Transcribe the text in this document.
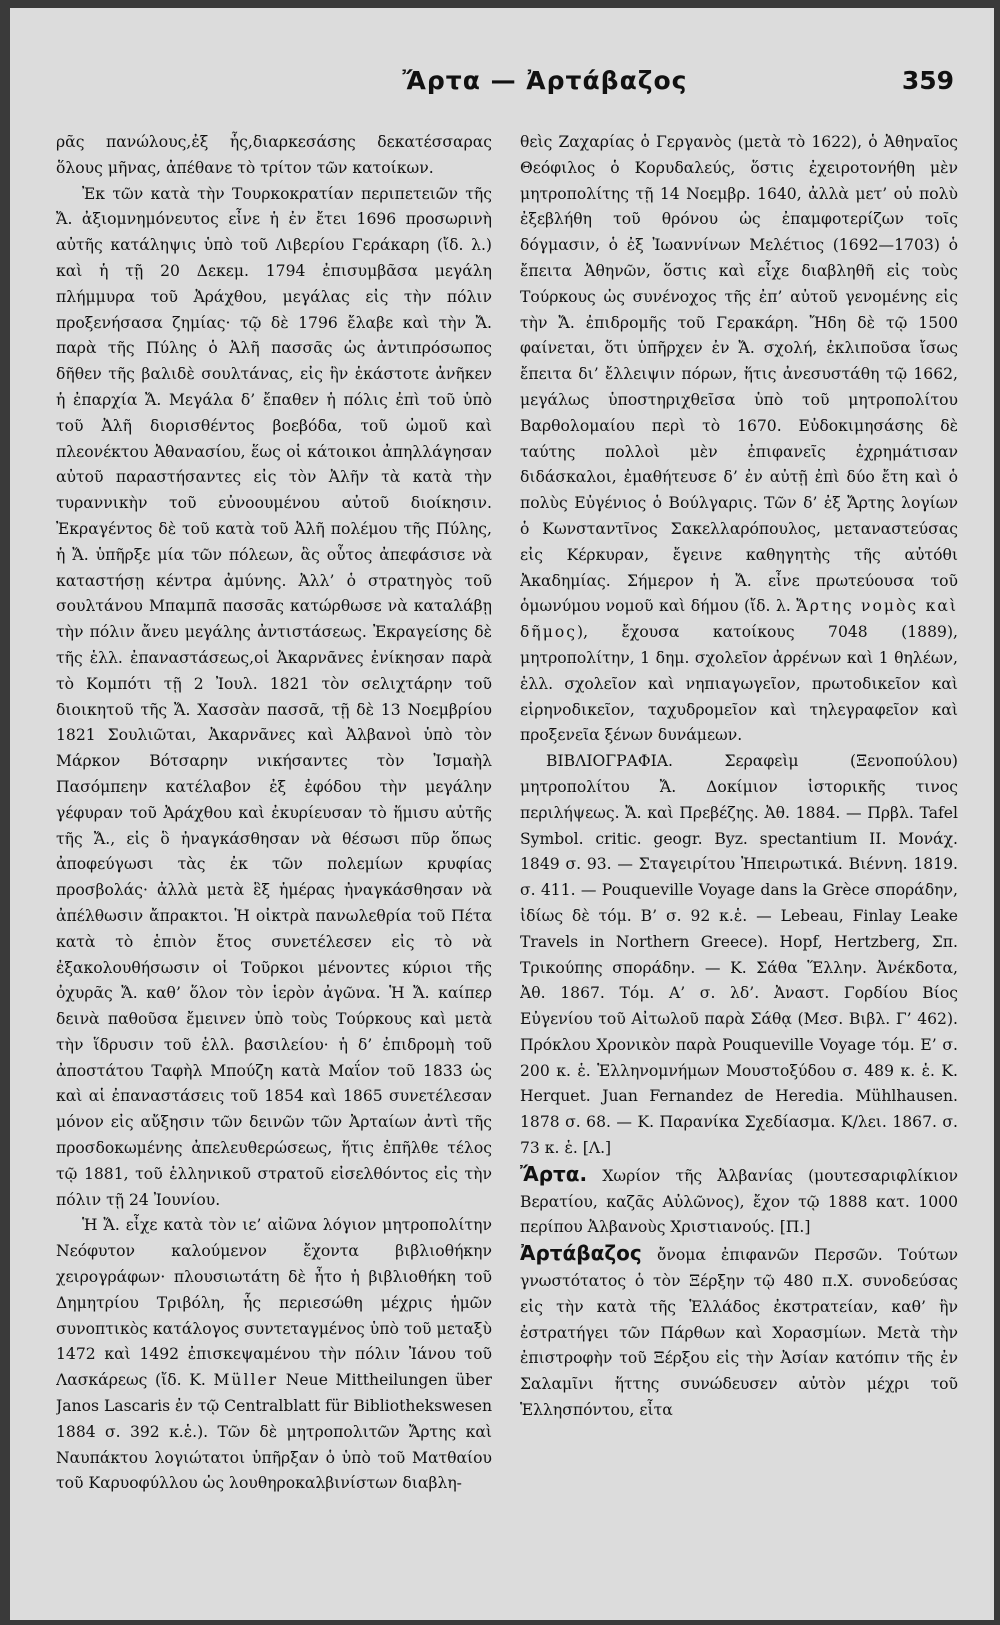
Ἄρτα — Ἀρτάβαζος	359

ρᾶς πανώλους,ἐξ ἧς,διαρκεσάσης δεκατέσσαρας ὅλους μῆνας, ἀπέθανε τὸ τρίτον τῶν κατοίκων.

Ἐκ τῶν κατὰ τὴν Τουρκοκρατίαν περιπετειῶν τῆς Ἄ. ἀξιομνημόνευτος εἶνε ἡ ἐν ἔτει 1696 προσωρινὴ αὐτῆς κατάληψις ὑπὸ τοῦ Λιβερίου Γεράκαρη (ἴδ. λ.) καὶ ἡ τῇ 20 Δεκεμ. 1794 ἐπισυμβᾶσα μεγάλη πλήμμυρα τοῦ Ἀράχθου, μεγάλας εἰς τὴν πόλιν προξενήσασα ζημίας· τῷ δὲ 1796 ἔλαβε καὶ τὴν Ἄ. παρὰ τῆς Πύλης ὁ Ἀλῆ πασσᾶς ὡς ἀντιπρόσωπος δῆθεν τῆς βαλιδὲ σουλτάνας, εἰς ἣν ἑκάστοτε ἀνῆκεν ἡ ἐπαρχία Ἄ. Μεγάλα δ’ ἔπαθεν ἡ πόλις ἐπὶ τοῦ ὑπὸ τοῦ Ἀλῆ διορισθέντος βοεβόδα, τοῦ ὠμοῦ καὶ πλεονέκτου Ἀθανασίου, ἕως οἱ κάτοικοι ἀπηλλάγησαν αὐτοῦ παραστήσαντες εἰς τὸν Ἀλῆν τὰ κατὰ τὴν τυραννικὴν τοῦ εὐνοουμένου αὐτοῦ διοίκησιν. Ἐκραγέντος δὲ τοῦ κατὰ τοῦ Ἀλῆ πολέμου τῆς Πύλης, ἡ Ἄ. ὑπῆρξε μία τῶν πόλεων, ἃς οὗτος ἀπεφάσισε νὰ καταστήσῃ κέντρα ἀμύνης. Ἀλλ’ ὁ στρατηγὸς τοῦ σουλτάνου Μπαμπᾶ πασσᾶς κατώρθωσε νὰ καταλάβῃ τὴν πόλιν ἄνευ μεγάλης ἀντιστάσεως. Ἐκραγείσης δὲ τῆς ἑλλ. ἐπαναστάσεως,οἱ Ἀκαρνᾶνες ἐνίκησαν παρὰ τὸ Κομπότι τῇ 2 Ἰουλ. 1821 τὸν σελιχτάρην τοῦ διοικητοῦ τῆς Ἄ. Χασσὰν πασσᾶ, τῇ δὲ 13 Νοεμβρίου 1821 Σουλιῶται, Ἀκαρνᾶνες καὶ Ἀλβανοὶ ὑπὸ τὸν Μάρκον Βότσαρην νικήσαντες τὸν Ἰσμαὴλ Πασόμπεην κατέλαβον ἐξ ἐφόδου τὴν μεγάλην γέφυραν τοῦ Ἀράχθου καὶ ἐκυρίευσαν τὸ ἥμισυ αὐτῆς τῆς Ἄ., εἰς ὃ ἠναγκάσθησαν νὰ θέσωσι πῦρ ὅπως ἀποφεύγωσι τὰς ἐκ τῶν πολεμίων κρυφίας προσβολάς· ἀλλὰ μετὰ ἓξ ἡμέρας ἠναγκάσθησαν νὰ ἀπέλθωσιν ἄπρακτοι. Ἡ οἰκτρὰ πανωλεθρία τοῦ Πέτα κατὰ τὸ ἑπιὸν ἔτος συνετέλεσεν εἰς τὸ νὰ ἐξακολουθήσωσιν οἱ Τοῦρκοι μένοντες κύριοι τῆς ὀχυρᾶς Ἄ. καθ’ ὅλον τὸν ἱερὸν ἀγῶνα. Ἡ Ἄ. καίπερ δεινὰ παθοῦσα ἔμεινεν ὑπὸ τοὺς Τούρκους καὶ μετὰ τὴν ἵδρυσιν τοῦ ἑλλ. βασιλείου· ἡ δ’ ἐπιδρομὴ τοῦ ἀποστάτου Ταφὴλ Μπούζη κατὰ Μαΐον τοῦ 1833 ὡς καὶ αἱ ἐπαναστάσεις τοῦ 1854 καὶ 1865 συνετέλεσαν μόνον εἰς αὔξησιν τῶν δεινῶν τῶν Ἀρταίων ἀντὶ τῆς προσδοκωμένης ἀπελευθερώσεως, ἥτις ἐπῆλθε τέλος τῷ 1881, τοῦ ἑλληνικοῦ στρατοῦ εἰσελθόντος εἰς τὴν πόλιν τῇ 24 Ἰουνίου.

Ἡ Ἄ. εἶχε κατὰ τὸν ιε’ αἰῶνα λόγιον μητροπολίτην Νεόφυτον καλούμενον ἔχοντα βιβλιοθήκην χειρογράφων· πλουσιωτάτη δὲ ἦτο ἡ βιβλιοθήκη τοῦ Δημητρίου Τριβόλη, ἧς περιεσώθη μέχρις ἡμῶν συνοπτικὸς κατάλογος συντεταγμένος ὑπὸ τοῦ μεταξὺ 1472 καὶ 1492 ἐπισκεψαμένου τὴν πόλιν Ἰάνου τοῦ Λασκάρεως (ἴδ. K. Müller Neue Mittheilungen über Janos Lascaris ἐν τῷ Centralblatt für Bibliothekswesen 1884 σ. 392 κ.ἑ.). Τῶν δὲ μητροπολιτῶν Ἄρτης καὶ Ναυπάκτου λογιώτατοι ὑπῆρξαν ὁ ὑπὸ τοῦ Ματθαίου τοῦ Καρυοφύλλου ὡς λουθηροκαλβινίστων διαβλη-

θεὶς Ζαχαρίας ὁ Γεργανὸς (μετὰ τὸ 1622), ὁ Ἀθηναῖος Θεόφιλος ὁ Κορυδαλεύς, ὅστις ἐχειροτονήθη μὲν μητροπολίτης τῇ 14 Νοεμβρ. 1640, ἀλλὰ μετ’ οὐ πολὺ ἐξεβλήθη τοῦ θρόνου ὡς ἐπαμφοτερίζων τοῖς δόγμασιν, ὁ ἐξ Ἰωαννίνων Μελέτιος (1692—1703) ὁ ἔπειτα Ἀθηνῶν, ὅστις καὶ εἶχε διαβληθῆ εἰς τοὺς Τούρκους ὡς συνένοχος τῆς ἐπ’ αὐτοῦ γενομένης εἰς τὴν Ἄ. ἐπιδρομῆς τοῦ Γερακάρη. Ἤδη δὲ τῷ 1500 φαίνεται, ὅτι ὑπῆρχεν ἐν Ἄ. σχολή, ἐκλιποῦσα ἴσως ἔπειτα δι’ ἔλλειψιν πόρων, ἥτις ἀνεσυστάθη τῷ 1662, μεγάλως ὑποστηριχθεῖσα ὑπὸ τοῦ μητροπολίτου Βαρθολομαίου περὶ τὸ 1670. Εὐδοκιμησάσης δὲ ταύτης πολλοὶ μὲν ἐπιφανεῖς ἐχρημάτισαν διδάσκαλοι, ἐμαθήτευσε δ’ ἐν αὐτῇ ἐπὶ δύο ἔτη καὶ ὁ πολὺς Εὐγένιος ὁ Βούλγαρις. Τῶν δ’ ἐξ Ἄρτης λογίων ὁ Κωνσταντῖνος Σακελλαρόπουλος, μεταναστεύσας εἰς Κέρκυραν, ἔγεινε καθηγητὴς τῆς αὐτόθι Ἀκαδημίας. Σήμερον ἡ Ἄ. εἶνε πρωτεύουσα τοῦ ὁμωνύμου νομοῦ καὶ δήμου (ἴδ. λ. Ἄρτης νομὸς καὶ δῆμος), ἔχουσα κατοίκους 7048 (1889), μητροπολίτην, 1 δημ. σχολεῖον ἀρρένων καὶ 1 θηλέων, ἑλλ. σχολεῖον καὶ νηπιαγωγεῖον, πρωτοδικεῖον καὶ εἰρηνοδικεῖον, ταχυδρομεῖον καὶ τηλεγραφεῖον καὶ προξενεῖα ξένων δυνάμεων.

ΒΙΒΛΙΟΓΡΑΦΙΑ.	Σεραφεὶμ (Ξενοπούλου) μητροπολίτου Ἄ. Δοκίμιον ἱστορικῆς τινος περιλήψεως. Ἄ. καὶ Πρεβέζης. Ἀθ. 1884. — Πρβλ. Tafel Symbol. critic. geogr. Byz. spectantium II. Μονάχ. 1849 σ. 93. — Σταγειρίτου Ἠπειρωτικά. Βιέννη. 1819. σ. 411. — Pouqueville Voyage dans la Grèce σποράδην, ἰδίως δὲ τόμ. B’ σ. 92 κ.ἑ. — Lebeau, Finlay Leake Travels in Northern Greece). Hopf, Hertzberg, Σπ. Τρικούπης σποράδην. — Κ. Σάθα Ἕλλην. Ἀνέκδοτα, Ἀθ. 1867. Τόμ. Α’ σ. λδ’. Ἀναστ. Γορδίου Βίος Εὐγενίου τοῦ Αἰτωλοῦ παρὰ Σάθᾳ (Μεσ. Βιβλ. Γ’ 462). Πρόκλου Χρονικὸν παρὰ Pouqueville Voyage τόμ. Ε’ σ. 200 κ. ἑ. Ἑλληνομνήμων Μουστοξύδου σ. 489 κ. ἑ. K. Herquet. Juan Fernandez de Heredia. Mühlhausen. 1878 σ. 68. — Κ. Παρανίκα Σχεδίασμα. Κ/λει. 1867. σ. 73 κ. ἑ. [Λ.]

Ἄρτα. Χωρίον τῆς Ἀλβανίας (μουτεσαριφλίκιον Βερατίου, καζᾶς Αὐλῶνος), ἔχον τῷ 1888 κατ. 1000 περίπου Ἀλβανοὺς Χριστιανούς. [Π.]

Ἀρτάβαζος ὄνομα ἐπιφανῶν Περσῶν. Τούτων γνωστότατος ὁ τὸν Ξέρξην τῷ 480 π.Χ. συνοδεύσας εἰς τὴν κατὰ τῆς Ἑλλάδος ἐκστρατείαν, καθ’ ἣν ἐστρατήγει τῶν Πάρθων καὶ Χορασμίων. Μετὰ τὴν ἐπιστροφὴν τοῦ Ξέρξου εἰς τὴν Ἀσίαν κατόπιν τῆς ἐν Σαλαμῖνι ἥττης συνώδευσεν αὐτὸν μέχρι τοῦ Ἑλλησπόντου, εἶτα
